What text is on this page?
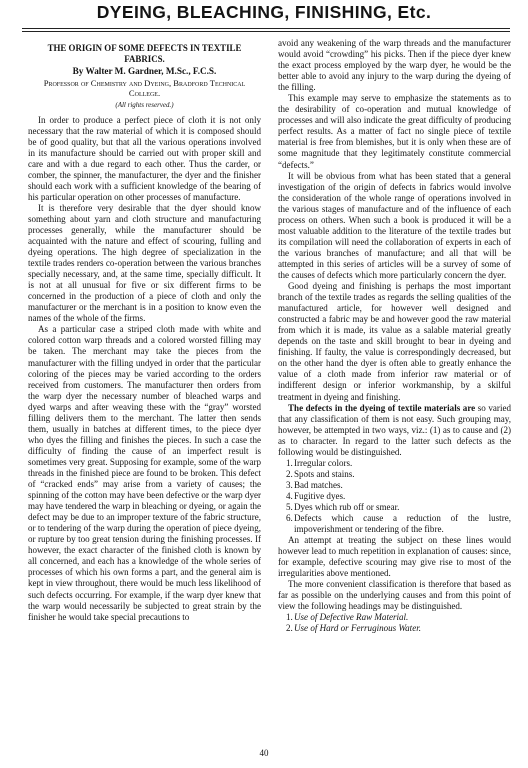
DYEING, BLEACHING, FINISHING, Etc.
THE ORIGIN OF SOME DEFECTS IN TEXTILE FABRICS.
By Walter M. Gardner, M.Sc., F.C.S.
Professor of Chemistry and Dyeing, Bradford Technical College.
(All rights reserved.)

In order to produce a perfect piece of cloth it is not only necessary that the raw material of which it is composed should be of good quality, but that all the various operations involved in its manufacture should be carried out with proper skill and care and with a due regard to each other. Thus the carder, or comber, the spinner, the manufacturer, the dyer and the finisher should each work with a sufficient knowledge of the bearing of his particular operation on other processes of manufacture.

It is therefore very desirable that the dyer should know something about yarn and cloth structure and manufacturing processes generally, while the manufacturer should be acquainted with the nature and effect of scouring, fulling and dyeing operations. The high degree of specialization in the textile trades renders co-operation between the various branches specially necessary, and, at the same time, specially difficult. It is not at all unusual for five or six different firms to be concerned in the production of a piece of cloth and only the manufacturer or the merchant is in a position to know even the names of the whole of the firms.

As a particular case a striped cloth made with white and colored cotton warp threads and a colored worsted filling may be taken. The merchant may take the pieces from the manufacturer with the filling undyed in order that the particular coloring of the pieces may be varied according to the orders received from customers. The manufacturer then orders from the warp dyer the necessary number of bleached warps and dyed warps and after weaving these with the “gray” worsted filling delivers them to the merchant. The latter then sends them, usually in batches at different times, to the piece dyer who dyes the filling and finishes the pieces. In such a case the difficulty of finding the cause of an imperfect result is sometimes very great. Supposing for example, some of the warp threads in the finished piece are found to be broken. This defect of “cracked ends” may arise from a variety of causes; the spinning of the cotton may have been defective or the warp dyer may have tendered the warp in bleaching or dyeing, or again the defect may be due to an improper texture of the fabric structure, or to tendering of the warp during the operation of piece dyeing, or rupture by too great tension during the finishing processes. If however, the exact character of the finished cloth is known by all concerned, and each has a knowledge of the whole series of processes of which his own forms a part, and the general aim is kept in view throughout, there would be much less likelihood of such defects occurring. For example, if the warp dyer knew that the warp would necessarily be subjected to great strain by the finisher he would take special precautions to

avoid any weakening of the warp threads and the manufacturer would avoid “crowding” his picks. Then if the piece dyer knew the exact process employed by the warp dyer, he would be the better able to avoid any injury to the warp during the dyeing of the filling.

This example may serve to emphasize the statements as to the desirability of co-operation and mutual knowledge of processes and will also indicate the great difficulty of producing perfect results. As a matter of fact no single piece of textile material is free from blemishes, but it is only when these are of some magnitude that they legitimately constitute commercial “defects.”

It will be obvious from what has been stated that a general investigation of the origin of defects in fabrics would involve the consideration of the whole range of operations involved in the various stages of manufacture and of the influence of each process on others. When such a book is produced it will be a most valuable addition to the literature of the textile trades but its compilation will need the collaboration of experts in each of the various branches of manufacture; and all that will be attempted in this series of articles will be a survey of some of the causes of defects which more particularly concern the dyer.

Good dyeing and finishing is perhaps the most important branch of the textile trades as regards the selling qualities of the manufactured article, for however well designed and constructed a fabric may be and however good the raw material from which it is made, its value as a salable material greatly depends on the taste and skill brought to bear in dyeing and finishing. If faulty, the value is correspondingly decreased, but on the other hand the dyer is often able to greatly enhance the value of a cloth made from inferior raw material or of indifferent design or inferior workmanship, by a skilful treatment in dyeing and finishing.

The defects in the dyeing of textile materials are so varied that any classification of them is not easy. Such grouping may, however, be attempted in two ways, viz.: (1) as to cause and (2) as to character. In regard to the latter such defects as the following would be distinguished.

1. Irregular colors.
2. Spots and stains.
3. Bad matches.
4. Fugitive dyes.
5. Dyes which rub off or smear.
6. Defects which cause a reduction of the lustre, impoverishment or tendering of the fibre.

An attempt at treating the subject on these lines would however lead to much repetition in explanation of causes: since, for example, defective scouring may give rise to most of the irregularities above mentioned.

The more convenient classification is therefore that based as far as possible on the underlying causes and from this point of view the following headings may be distinguished.

1. Use of Defective Raw Material.
2. Use of Hard or Ferruginous Water.
40
